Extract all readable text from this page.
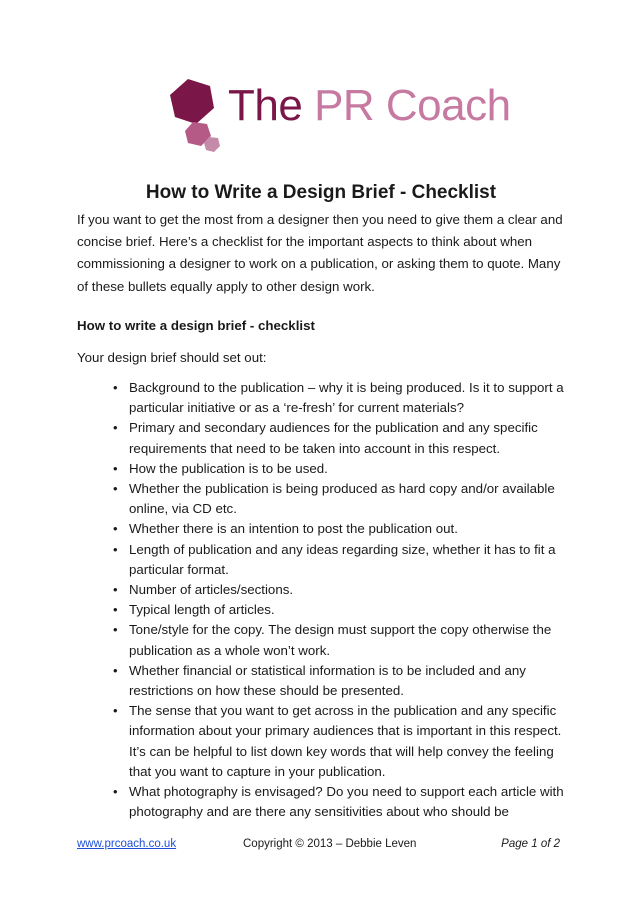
The PR Coach
How to Write a Design Brief - Checklist

If you want to get the most from a designer then you need to give them a clear and concise brief. Here’s a checklist for the important aspects to think about when commissioning a designer to work on a publication, or asking them to quote. Many of these bullets equally apply to other design work.

How to write a design brief - checklist

Your design brief should set out:

• Background to the publication – why it is being produced. Is it to support a particular initiative or as a ‘re-fresh’ for current materials?
• Primary and secondary audiences for the publication and any specific requirements that need to be taken into account in this respect.
• How the publication is to be used.
• Whether the publication is being produced as hard copy and/or available online, via CD etc.
• Whether there is an intention to post the publication out.
• Length of publication and any ideas regarding size, whether it has to fit a particular format.
• Number of articles/sections.
• Typical length of articles.
• Tone/style for the copy. The design must support the copy otherwise the publication as a whole won’t work.
• Whether financial or statistical information is to be included and any restrictions on how these should be presented.
• The sense that you want to get across in the publication and any specific information about your primary audiences that is important in this respect. It’s can be helpful to list down key words that will help convey the feeling that you want to capture in your publication.
• What photography is envisaged? Do you need to support each article with photography and are there any sensitivities about who should be
www.prcoach.co.uk	Copyright © 2013 – Debbie Leven	Page 1 of 2
